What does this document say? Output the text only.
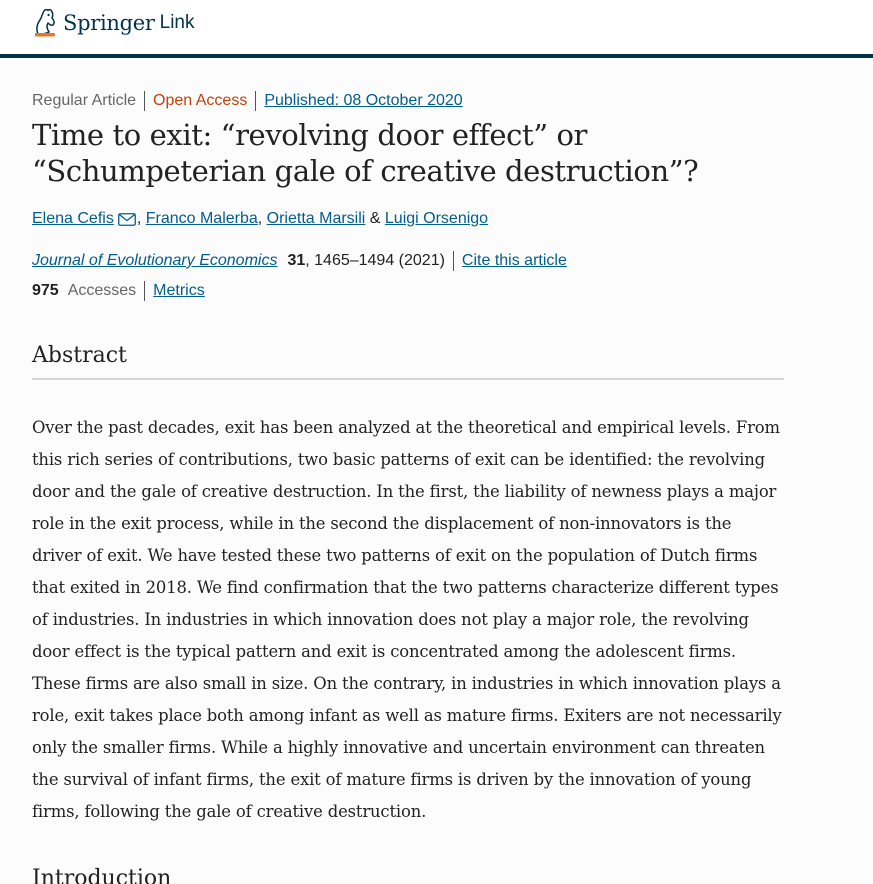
Springer Link
Regular Article Open Access Published: 08 October 2020
Time to exit: “revolving door effect” or “Schumpeterian gale of creative destruction”?
Elena Cefis , Franco Malerba , Orietta Marsili & Luigi Orsenigo
Journal of Evolutionary Economics 31 , 1465–1494 (2021) Cite this article
975 Accesses Metrics
Abstract

Over the past decades, exit has been analyzed at the theoretical and empirical levels. From this rich series of contributions, two basic patterns of exit can be identified: the revolving door and the gale of creative destruction. In the first, the liability of newness plays a major role in the exit process, while in the second the displacement of non-innovators is the driver of exit. We have tested these two patterns of exit on the population of Dutch firms that exited in 2018. We find confirmation that the two patterns characterize different types of industries. In industries in which innovation does not play a major role, the revolving door effect is the typical pattern and exit is concentrated among the adolescent firms. These firms are also small in size. On the contrary, in industries in which innovation plays a role, exit takes place both among infant as well as mature firms. Exiters are not necessarily only the smaller firms. While a highly innovative and uncertain environment can threaten the survival of infant firms, the exit of mature firms is driven by the innovation of young firms, following the gale of creative destruction.

Introduction
